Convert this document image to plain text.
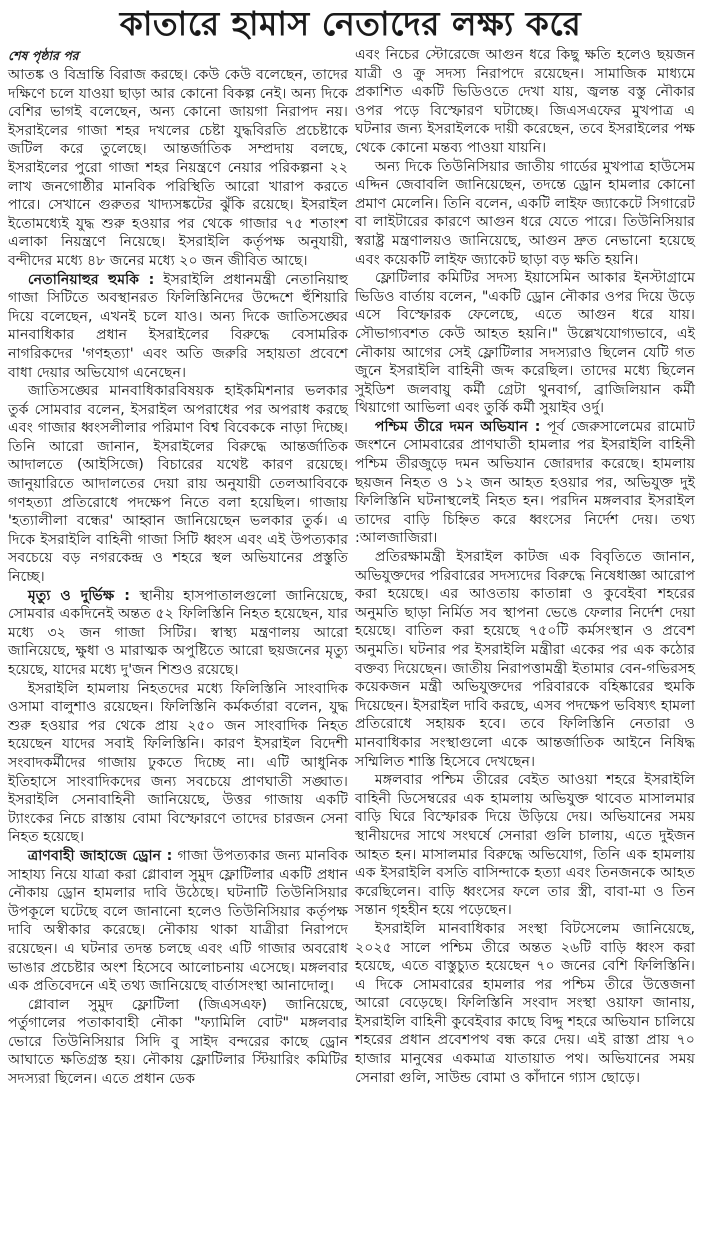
কাতারে হামাস নেতাদের লক্ষ্য করে
শেষ পৃষ্ঠার পর

আতঙ্ক ও বিভ্রান্তি বিরাজ করছে। কেউ কেউ বলেছেন, তাদের দক্ষিণে চলে যাওয়া ছাড়া আর কোনো বিকল্প নেই। অন্য দিকে বেশির ভাগই বলেছেন, অন্য কোনো জায়গা নিরাপদ নয়। ইসরাইলের গাজা শহর দখলের চেষ্টা যুদ্ধবিরতি প্রচেষ্টাকে জটিল করে তুলেছে। আন্তর্জাতিক সম্প্রদায় বলছে, ইসরাইলের পুরো গাজা শহর নিয়ন্ত্রণে নেয়ার পরিকল্পনা ২২ লাখ জনগোষ্ঠীর মানবিক পরিস্থিতি আরো খারাপ করতে পারে। সেখানে গুরুতর খাদ্যসঙ্কটের ঝুঁকি রয়েছে। ইসরাইল ইতোমধ্যেই যুদ্ধ শুরু হওয়ার পর থেকে গাজার ৭৫ শতাংশ এলাকা নিয়ন্ত্রণে নিয়েছে। ইসরাইলি কর্তৃপক্ষ অনুযায়ী, বন্দীদের মধ্যে ৪৮ জনের মধ্যে ২০ জন জীবিত আছে।

নেতানিয়াহুর হুমকি : ইসরাইলি প্রধানমন্ত্রী নেতানিয়াহু গাজা সিটিতে অবস্থানরত ফিলিস্তিনিদের উদ্দেশে হুঁশিয়ারি দিয়ে বলেছেন, এখনই চলে যাও। অন্য দিকে জাতিসঙ্ঘের মানবাধিকার প্রধান ইসরাইলের বিরুদ্ধে বেসামরিক নাগরিকদের 'গণহত্যা' এবং অতি জরুরি সহায়তা প্রবেশে বাধা দেয়ার অভিযোগ এনেছেন।

জাতিসঙ্ঘের মানবাধিকারবিষয়ক হাইকমিশনার ভলকার তুর্ক সোমবার বলেন, ইসরাইল অপরাধের পর অপরাধ করছে এবং গাজার ধ্বংসলীলার পরিমাণ বিশ্ব বিবেককে নাড়া দিচ্ছে। তিনি আরো জানান, ইসরাইলের বিরুদ্ধে আন্তর্জাতিক আদালতে (আইসিজে) বিচারের যথেষ্ট কারণ রয়েছে। জানুয়ারিতে আদালতের দেয়া রায় অনুযায়ী তেলআবিবকে গণহত্যা প্রতিরোধে পদক্ষেপ নিতে বলা হয়েছিল। গাজায় 'হত্যালীলা বন্ধের' আহ্বান জানিয়েছেন ভলকার তুর্ক। এ দিকে ইসরাইলি বাহিনী গাজা সিটি ধ্বংস এবং এই উপত্যকার সবচেয়ে বড় নগরকেন্দ্র ও শহরে স্থল অভিযানের প্রস্তুতি নিচ্ছে।

মৃত্যু ও দুর্ভিক্ষ : স্থানীয় হাসপাতালগুলো জানিয়েছে, সোমবার একদিনেই অন্তত ৫২ ফিলিস্তিনি নিহত হয়েছেন, যার মধ্যে ৩২ জন গাজা সিটির। স্বাস্থ্য মন্ত্রণালয় আরো জানিয়েছে, ক্ষুধা ও মারাত্মক অপুষ্টিতে আরো ছয়জনের মৃত্যু হয়েছে, যাদের মধ্যে দু'জন শিশুও রয়েছে।

ইসরাইলি হামলায় নিহতদের মধ্যে ফিলিস্তিনি সাংবাদিক ওসামা বালুশাও রয়েছেন। ফিলিস্তিনি কর্মকর্তারা বলেন, যুদ্ধ শুরু হওয়ার পর থেকে প্রায় ২৫০ জন সাংবাদিক নিহত হয়েছেন যাদের সবাই ফিলিস্তিনি। কারণ ইসরাইল বিদেশী সংবাদকর্মীদের গাজায় ঢুকতে দিচ্ছে না। এটি আধুনিক ইতিহাসে সাংবাদিকদের জন্য সবচেয়ে প্রাণঘাতী সঙ্ঘাত। ইসরাইলি সেনাবাহিনী জানিয়েছে, উত্তর গাজায় একটি ট্যাংকের নিচে রাস্তায় বোমা বিস্ফোরণে তাদের চারজন সেনা নিহত হয়েছে।

ত্রাণবাহী জাহাজে ড্রোন : গাজা উপত্যকার জন্য মানবিক সাহায্য নিয়ে যাত্রা করা গ্লোবাল সুমুদ ফ্লোটিলার একটি প্রধান নৌকায় ড্রোন হামলার দাবি উঠেছে। ঘটনাটি তিউনিসিয়ার উপকূলে ঘটেছে বলে জানানো হলেও তিউনিসিয়ার কর্তৃপক্ষ দাবি অস্বীকার করেছে। নৌকায় থাকা যাত্রীরা নিরাপদে রয়েছেন। এ ঘটনার তদন্ত চলছে এবং এটি গাজার অবরোধ ভাঙার প্রচেষ্টার অংশ হিসেবে আলোচনায় এসেছে। মঙ্গলবার এক প্রতিবেদনে এই তথ্য জানিয়েছে বার্তাসংস্থা আনাদোলু।

গ্লোবাল সুমুদ ফ্লোটিলা (জিএসএফ) জানিয়েছে, পর্তুগালের পতাকাবাহী নৌকা "ফ্যামিলি বোট" মঙ্গলবার ভোরে তিউনিসিয়ার সিদি বু সাইদ বন্দরের কাছে ড্রোন আঘাতে ক্ষতিগ্রস্ত হয়। নৌকায় ফ্লোটিলার স্টিয়ারিং কমিটির সদস্যরা ছিলেন। এতে প্রধান ডেক

এবং নিচের স্টোরেজে আগুন ধরে কিছু ক্ষতি হলেও ছয়জন যাত্রী ও ক্রু সদস্য নিরাপদে রয়েছেন। সামাজিক মাধ্যমে প্রকাশিত একটি ভিডিওতে দেখা যায়, জ্বলন্ত বস্তু নৌকার ওপর পড়ে বিস্ফোরণ ঘটাচ্ছে। জিএসএফের মুখপাত্র এ ঘটনার জন্য ইসরাইলকে দায়ী করেছেন, তবে ইসরাইলের পক্ষ থেকে কোনো মন্তব্য পাওয়া যায়নি।

অন্য দিকে তিউনিসিয়ার জাতীয় গার্ডের মুখপাত্র হাউসেম এদ্দিন জেবাবলি জানিয়েছেন, তদন্তে ড্রোন হামলার কোনো প্রমাণ মেলেনি। তিনি বলেন, একটি লাইফ জ্যাকেটে সিগারেট বা লাইটারের কারণে আগুন ধরে যেতে পারে। তিউনিসিয়ার স্বরাষ্ট্র মন্ত্রণালয়ও জানিয়েছে, আগুন দ্রুত নেভানো হয়েছে এবং কয়েকটি লাইফ জ্যাকেট ছাড়া বড় ক্ষতি হয়নি।

ফ্লোটিলার কমিটির সদস্য ইয়াসেমিন আকার ইনস্টাগ্রামে ভিডিও বার্তায় বলেন, "একটি ড্রোন নৌকার ওপর দিয়ে উড়ে এসে বিস্ফোরক ফেলেছে, এতে আগুন ধরে যায়। সৌভাগ্যবশত কেউ আহত হয়নি।" উল্লেখযোগ্যভাবে, এই নৌকায় আগের সেই ফ্লোটিলার সদস্যরাও ছিলেন যেটি গত জুনে ইসরাইলি বাহিনী জব্দ করেছিল। তাদের মধ্যে ছিলেন সুইডিশ জলবায়ু কর্মী গ্রেটা থুনবার্গ, ব্রাজিলিয়ান কর্মী থিয়াগো আভিলা এবং তুর্কি কর্মী সুয়াইব ওর্দু।

পশ্চিম তীরে দমন অভিযান : পূর্ব জেরুসালেমের রামোট জংশনে সোমবারের প্রাণঘাতী হামলার পর ইসরাইলি বাহিনী পশ্চিম তীরজুড়ে দমন অভিযান জোরদার করেছে। হামলায় ছয়জন নিহত ও ১২ জন আহত হওয়ার পর, অভিযুক্ত দুই ফিলিস্তিনি ঘটনাস্থলেই নিহত হন। পরদিন মঙ্গলবার ইসরাইল তাদের বাড়ি চিহ্নিত করে ধ্বংসের নির্দেশ দেয়। তথ্য :আলজাজিরা।

প্রতিরক্ষামন্ত্রী ইসরাইল কাটজ এক বিবৃতিতে জানান, অভিযুক্তদের পরিবারের সদস্যদের বিরুদ্ধে নিষেধাজ্ঞা আরোপ করা হয়েছে। এর আওতায় কাতান্না ও কুবেইবা শহরের অনুমতি ছাড়া নির্মিত সব স্থাপনা ভেঙে ফেলার নির্দেশ দেয়া হয়েছে। বাতিল করা হয়েছে ৭৫০টি কর্মসংস্থান ও প্রবেশ অনুমতি। ঘটনার পর ইসরাইলি মন্ত্রীরা একের পর এক কঠোর বক্তব্য দিয়েছেন। জাতীয় নিরাপত্তামন্ত্রী ইতামার বেন-গভিরসহ কয়েকজন মন্ত্রী অভিযুক্তদের পরিবারকে বহিষ্কারের হুমকি দিয়েছেন। ইসরাইল দাবি করছে, এসব পদক্ষেপ ভবিষ্যৎ হামলা প্রতিরোধে সহায়ক হবে। তবে ফিলিস্তিনি নেতারা ও মানবাধিকার সংস্থাগুলো একে আন্তর্জাতিক আইনে নিষিদ্ধ সম্মিলিত শাস্তি হিসেবে দেখছেন।

মঙ্গলবার পশ্চিম তীরের বেইত আওয়া শহরে ইসরাইলি বাহিনী ডিসেম্বরের এক হামলায় অভিযুক্ত থাবেত মাসালমার বাড়ি ঘিরে বিস্ফোরক দিয়ে উড়িয়ে দেয়। অভিযানের সময় স্থানীয়দের সাথে সংঘর্ষে সেনারা গুলি চালায়, এতে দুইজন আহত হন। মাসালমার বিরুদ্ধে অভিযোগ, তিনি এক হামলায় এক ইসরাইলি বসতি বাসিন্দাকে হত্যা এবং তিনজনকে আহত করেছিলেন। বাড়ি ধ্বংসের ফলে তার স্ত্রী, বাবা-মা ও তিন সন্তান গৃহহীন হয়ে পড়েছেন।

ইসরাইলি মানবাধিকার সংস্থা বিটসেলেম জানিয়েছে, ২০২৫ সালে পশ্চিম তীরে অন্তত ২৬টি বাড়ি ধ্বংস করা হয়েছে, এতে বাস্তুচ্যুত হয়েছেন ৭০ জনের বেশি ফিলিস্তিনি। এ দিকে সোমবারের হামলার পর পশ্চিম তীরে উত্তেজনা আরো বেড়েছে। ফিলিস্তিনি সংবাদ সংস্থা ওয়াফা জানায়, ইসরাইলি বাহিনী কুবেইবার কাছে বিদ্দু শহরে অভিযান চালিয়ে শহরের প্রধান প্রবেশপথ বন্ধ করে দেয়। এই রাস্তা প্রায় ৭০ হাজার মানুষের একমাত্র যাতায়াত পথ। অভিযানের সময় সেনারা গুলি, সাউন্ড বোমা ও কাঁদানে গ্যাস ছোড়ে।
